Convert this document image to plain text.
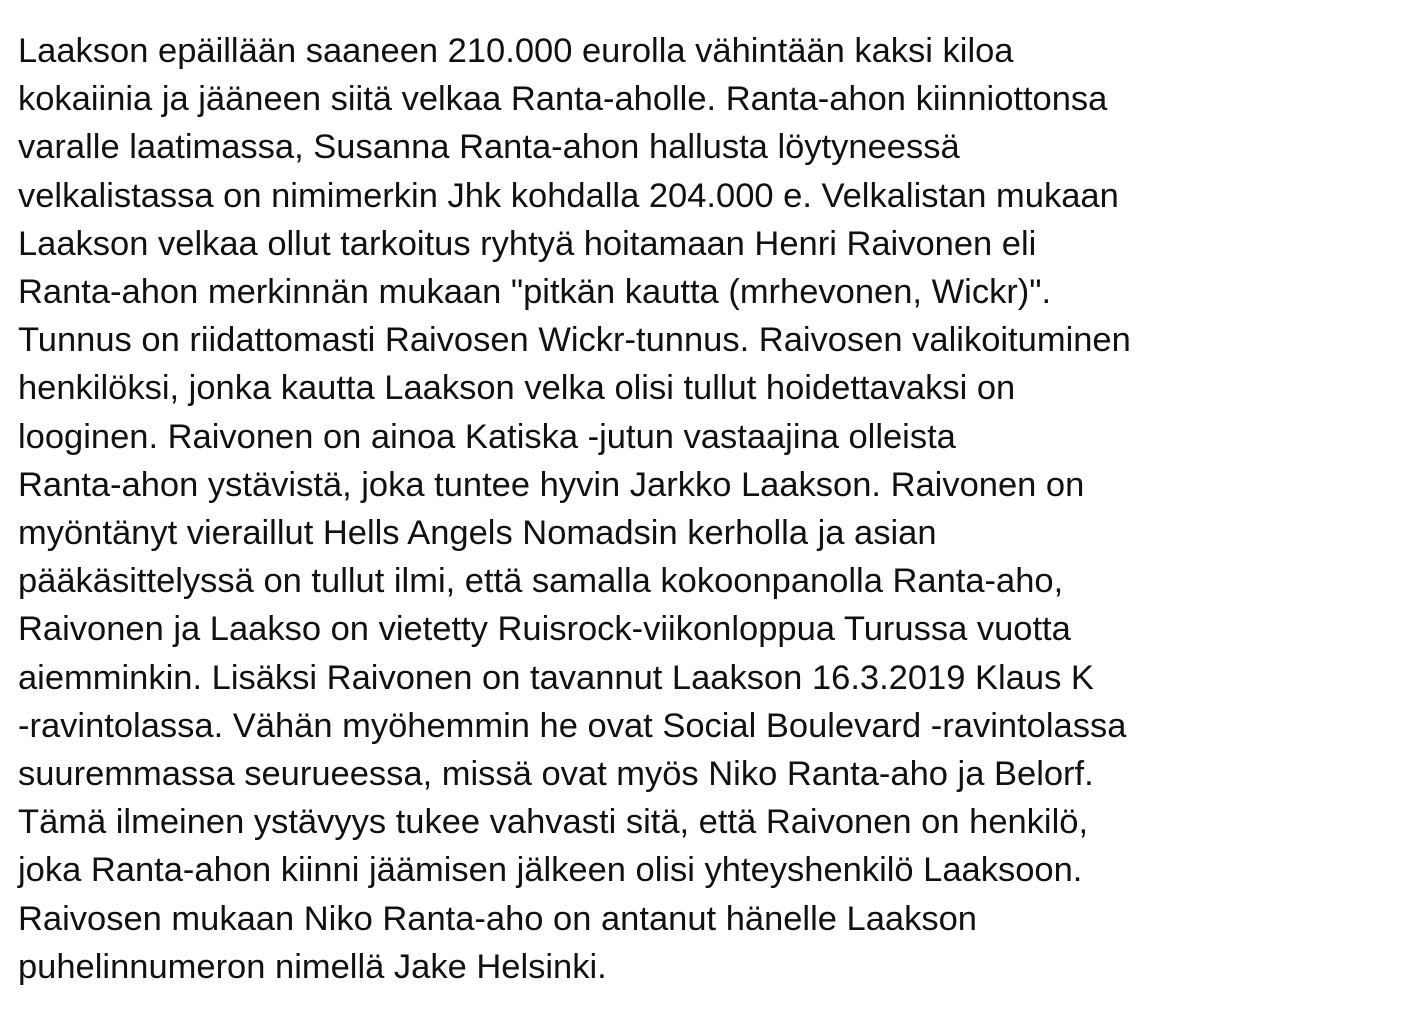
Laakson epäillään saaneen 210.000 eurolla vähintään kaksi kiloa

kokaiinia ja jääneen siitä velkaa Ranta-aholle. Ranta-ahon kiinniottonsa

varalle laatimassa, Susanna Ranta-ahon hallusta löytyneessä

velkalistassa on nimimerkin Jhk kohdalla 204.000 e. Velkalistan mukaan

Laakson velkaa ollut tarkoitus ryhtyä hoitamaan Henri Raivonen eli

Ranta-ahon merkinnän mukaan "pitkän kautta (mrhevonen, Wickr)".

Tunnus on riidattomasti Raivosen Wickr-tunnus. Raivosen valikoituminen

henkilöksi, jonka kautta Laakson velka olisi tullut hoidettavaksi on

looginen. Raivonen on ainoa Katiska -jutun vastaajina olleista

Ranta-ahon ystävistä, joka tuntee hyvin Jarkko Laakson. Raivonen on

myöntänyt vieraillut Hells Angels Nomadsin kerholla ja asian

pääkäsittelyssä on tullut ilmi, että samalla kokoonpanolla Ranta-aho,

Raivonen ja Laakso on vietetty Ruisrock-viikonloppua Turussa vuotta

aiemminkin. Lisäksi Raivonen on tavannut Laakson 16.3.2019 Klaus K

-ravintolassa. Vähän myöhemmin he ovat Social Boulevard -ravintolassa

suuremmassa seurueessa, missä ovat myös Niko Ranta-aho ja Belorf.

Tämä ilmeinen ystävyys tukee vahvasti sitä, että Raivonen on henkilö,

joka Ranta-ahon kiinni jäämisen jälkeen olisi yhteyshenkilö Laaksoon.

Raivosen mukaan Niko Ranta-aho on antanut hänelle Laakson

puhelinnumeron nimellä Jake Helsinki.
